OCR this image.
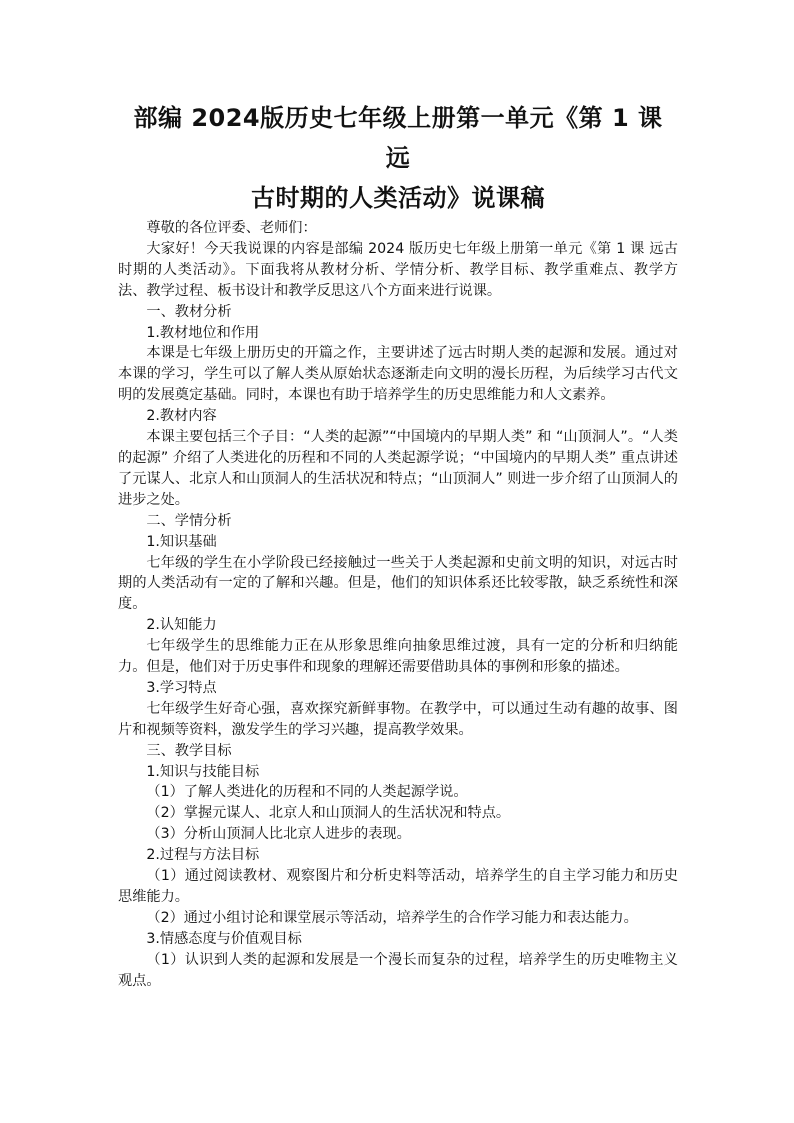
部编 2024版历史七年级上册第一单元《第 1 课 远
古时期的人类活动》说课稿

尊敬的各位评委、老师们：

大家好！今天我说课的内容是部编 2024 版历史七年级上册第一单元《第 1 课 远古时期的人类活动》。下面我将从教材分析、学情分析、教学目标、教学重难点、教学方法、教学过程、板书设计和教学反思这八个方面来进行说课。

一、教材分析

1.教材地位和作用

本课是七年级上册历史的开篇之作，主要讲述了远古时期人类的起源和发展。通过对本课的学习，学生可以了解人类从原始状态逐渐走向文明的漫长历程，为后续学习古代文明的发展奠定基础。同时，本课也有助于培养学生的历史思维能力和人文素养。

2.教材内容

本课主要包括三个子目：“人类的起源”“中国境内的早期人类” 和 “山顶洞人”。“人类的起源” 介绍了人类进化的历程和不同的人类起源学说；“中国境内的早期人类” 重点讲述了元谋人、北京人和山顶洞人的生活状况和特点；“山顶洞人” 则进一步介绍了山顶洞人的进步之处。

二、学情分析

1.知识基础

七年级的学生在小学阶段已经接触过一些关于人类起源和史前文明的知识，对远古时期的人类活动有一定的了解和兴趣。但是，他们的知识体系还比较零散，缺乏系统性和深度。

2.认知能力

七年级学生的思维能力正在从形象思维向抽象思维过渡，具有一定的分析和归纳能力。但是，他们对于历史事件和现象的理解还需要借助具体的事例和形象的描述。

3.学习特点

七年级学生好奇心强，喜欢探究新鲜事物。在教学中，可以通过生动有趣的故事、图片和视频等资料，激发学生的学习兴趣，提高教学效果。

三、教学目标

1.知识与技能目标

（1）了解人类进化的历程和不同的人类起源学说。

（2）掌握元谋人、北京人和山顶洞人的生活状况和特点。

（3）分析山顶洞人比北京人进步的表现。

2.过程与方法目标

（1）通过阅读教材、观察图片和分析史料等活动，培养学生的自主学习能力和历史思维能力。

（2）通过小组讨论和课堂展示等活动，培养学生的合作学习能力和表达能力。

3.情感态度与价值观目标

（1）认识到人类的起源和发展是一个漫长而复杂的过程，培养学生的历史唯物主义观点。
